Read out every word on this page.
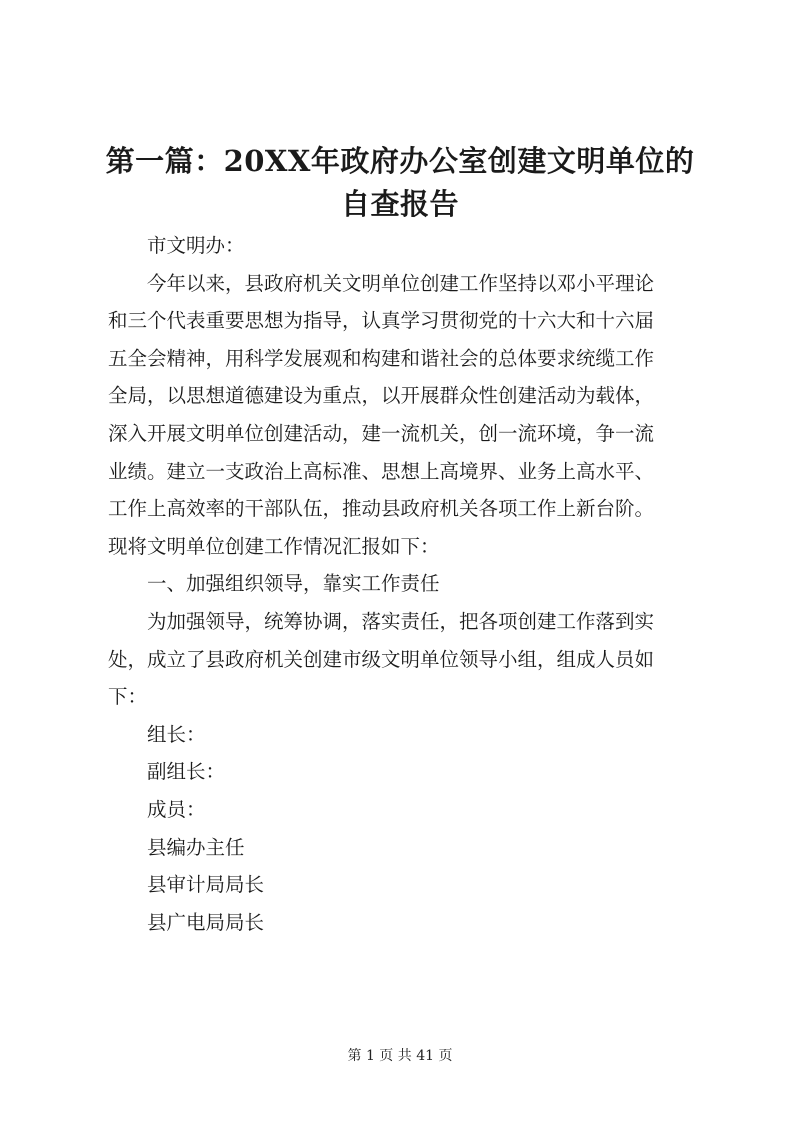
第一篇：20XX年政府办公室创建文明单位的
自查报告

市文明办：

今年以来，县政府机关文明单位创建工作坚持以邓小平理论
和三个代表重要思想为指导，认真学习贯彻党的十六大和十六届
五全会精神，用科学发展观和构建和谐社会的总体要求统缆工作
全局，以思想道德建设为重点，以开展群众性创建活动为载体，
深入开展文明单位创建活动，建一流机关，创一流环境，争一流
业绩。建立一支政治上高标准、思想上高境界、业务上高水平、
工作上高效率的干部队伍，推动县政府机关各项工作上新台阶。
现将文明单位创建工作情况汇报如下：

一、加强组织领导，靠实工作责任

为加强领导，统筹协调，落实责任，把各项创建工作落到实
处，成立了县政府机关创建市级文明单位领导小组，组成人员如
下：

组长：

副组长：

成员：

县编办主任

县审计局局长

县广电局局长

第 1 页 共 41 页
